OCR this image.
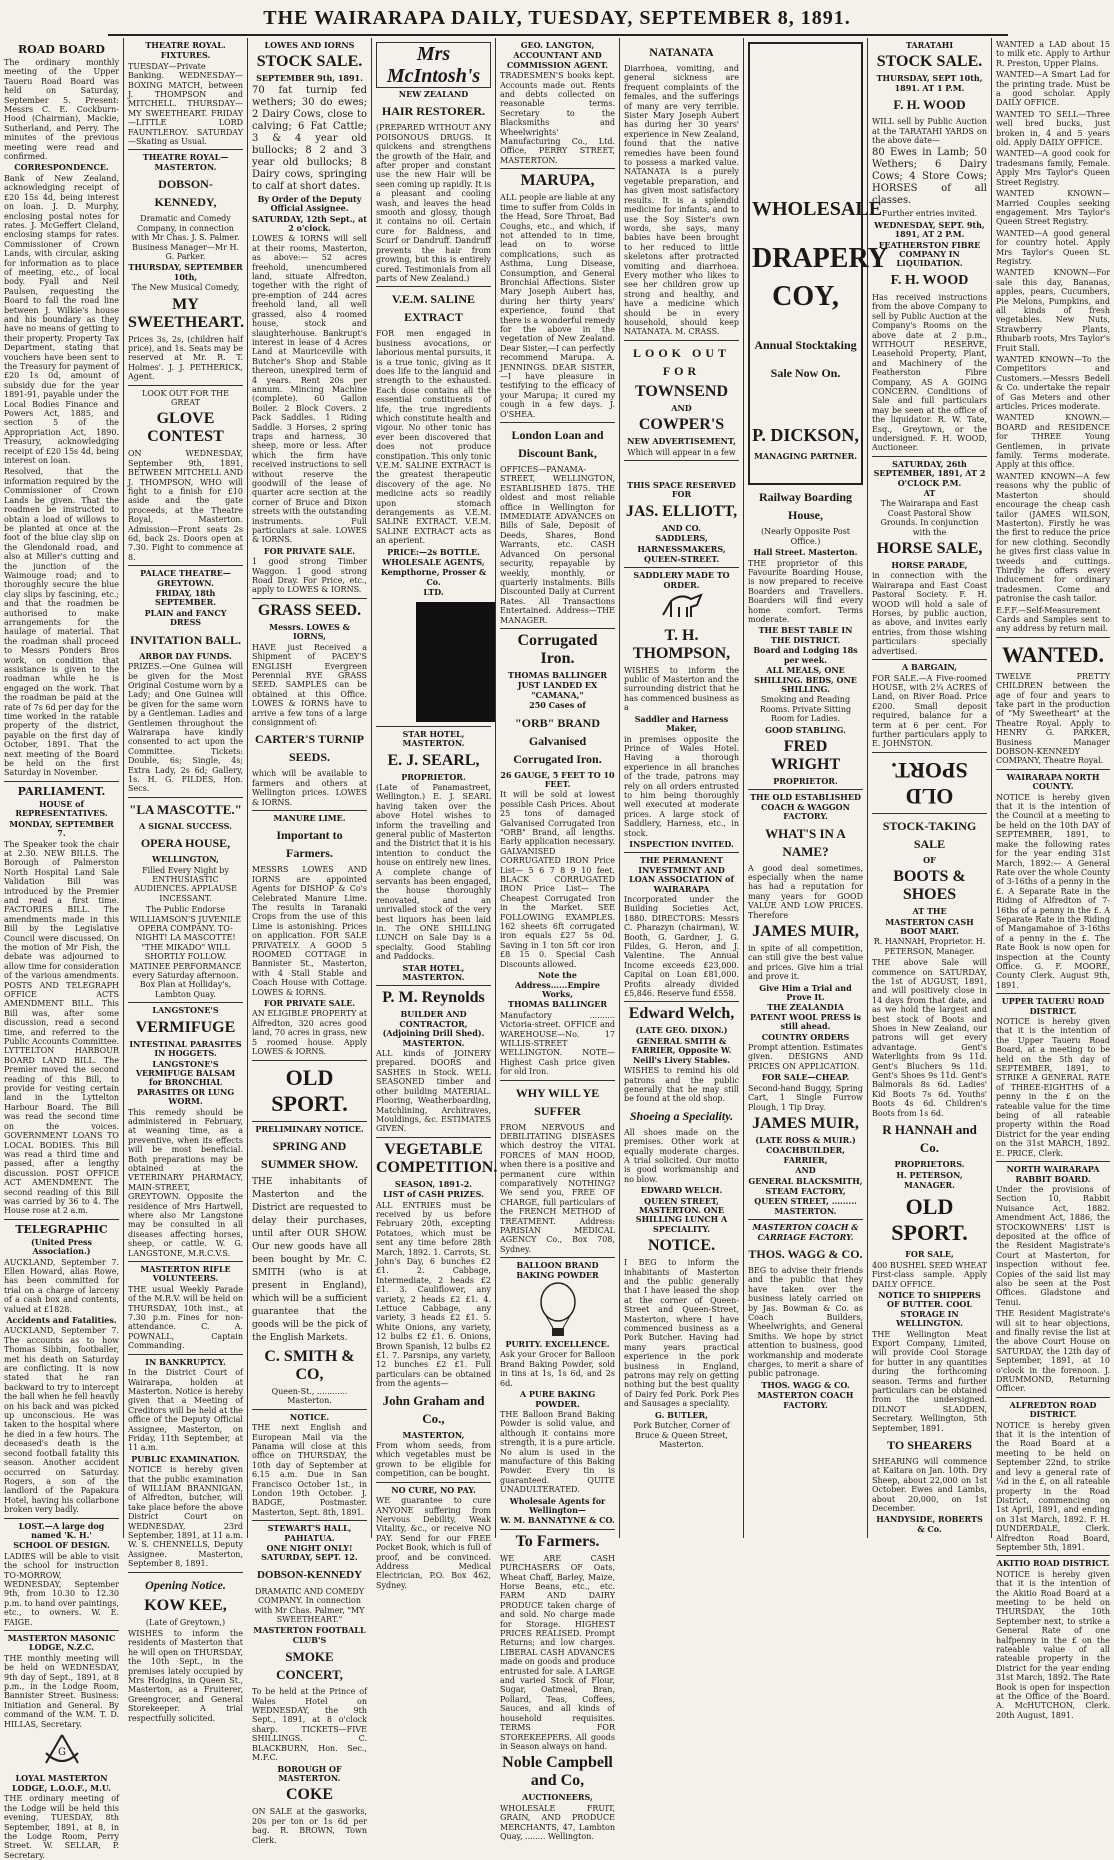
THE WAIRARAPA DAILY, TUESDAY, SEPTEMBER 8, 1891.
ROAD BOARD
The ordinary monthly meeting of the Upper Taueru Road Board was held on Saturday, September 5. Present: Messrs C. E. Cockburn-Hood (Chairman), Mackie, Sutherland, and Perry. The minutes of the previous meeting were read and confirmed.
CORRESPONDENCE.
Bank of New Zealand, acknowledging receipt of £20 15s 4d, being interest on loan. J. D. Murphy, enclosing postal notes for rates. J. McGeffert Cleland, enclosing stamps for rates. Commissioner of Crown Lands, with circular, asking for information as to place of meeting, etc., of local body. Fyall and Neil Paulsen, requesting the Board to fall the road line between J. Wilkie's house and his boundary as they have no means of getting to their property. Property Tax Department, stating that vouchers have been sent to the Treasury for payment of £20 1s 0d, amount of subsidy due for the year 1891-91, payable under the Local Bodies Finance and Powers Act, 1885, and section 5 of the Appropriation Act, 1890. Treasury, acknowledging receipt of £20 15s 4d, being interest on loan.
Resolved, that the information required by the Commissioner of Crown Lands be given. That the roadmen be instructed to obtain a load of willows to be planted at once at the foot of the blue clay slip on the Glendonald road, and also at Miller's cutting and the junction of the Waimouge road; and to thoroughly secure the blue clay slips by fascining, etc.; and that the roadmen be authorised to make arrangements for the haulage of material. That the roadman shall proceed to Messrs Ponders Bros work, on condition that assistance is given to the roadman while he is engaged on the work. That the roadman be paid at the rate of 7s 6d per day for the time worked in the ratable property of the district, payable on the first day of October, 1891. That the next meeting of the Board be held on the first Saturday in November.
PARLIAMENT.
HOUSE of REPRESENTATIVES.
MONDAY, SEPTEMBER 7.
The Speaker took the chair at 2.30. NEW BILLS. The Borough of Palmerston North Hospital Land Sale Validation Bill was introduced by the Premier and read a first time. FACTORIES BILL. The amendments made in this Bill by the Legislative Council were discussed. On the motion of Mr Fish, the debate was adjourned to allow time for consideration of the various amendments. POSTS AND TELEGRAPH OFFICE ACTS AMENDMENT BILL. This Bill was, after some discussion, read a second time, and referred to the Public Accounts Committee. LYTTELTON HARBOUR BOARD LAND BILL. The Premier moved the second reading of this Bill, to provide for vesting certain land in the Lyttelton Harbour Board. The Bill was read the second time on the voices. GOVERNMENT LOANS TO LOCAL BODIES. This Bill was read a third time and passed, after a lengthy discussion. POST OFFICE ACT AMENDMENT. The second reading of this Bill was carried by 36 to 4. The House rose at 2 a.m.
TELEGRAPHIC
(United Press Association.)
AUCKLAND, September 7. Ellen Howard, alias Rowe, has been committed for trial on a charge of larceny of a cash box and contents, valued at £1828.
Accidents and Fatalities.
AUCKLAND, September 7. The accounts as to how Thomas Sibbin, footballer, met his death on Saturday are conflicting. It is now stated that he ran backward to try to intercept the ball when he fell heavily on his back and was picked up unconscious. He was taken to the hospital where he died in a few hours. The deceased's death is the second football fatality this season. Another accident occurred on Saturday. Rogers, a son of the landlord of the Papakura Hotel, having his collarbone broken very badly.
LOST.—A large dog named 'K. H.'
SCHOOL OF DESIGN.
LADIES will be able to visit the school for instruction TO-MORROW, WEDNESDAY, September 9th, from 10.30 to 12.30 p.m. to hand over paintings, etc., to owners. W. E. FAIGE.
MASTERTON MASONIC LODGE, N.Z.C.
THE monthly meeting will be held on WEDNESDAY, 9th day of Sept., 1891, at 8 p.m., in the Lodge Room, Bannister Street. Business: Initiation and General. By command of the W.M. T. D. HILLAS, Secretary.
G
LOYAL MASTERTON LODGE, L.O.O.F., M.U.
THE ordinary meeting of the Lodge will be held this evening, TUESDAY, 8th September, 1891, at 8, in the Lodge Room, Perry Street. W. SELLAR, P. Secretary.
THEATRE ROYAL.
FIXTURES.
TUESDAY—Private Banking. WEDNESDAY—BOXING MATCH, between J. THOMPSON and MITCHELL. THURSDAY—MY SWEETHEART. FRIDAY—LITTLE LORD FAUNTLEROY. SATURDAY—Skating as Usual.
THEATRE ROYAL—MASTERTON.
DOBSON-KENNEDY,
Dramatic and Comedy Company, in connection with Mr Chas. J. S. Palmer. Business Manager—Mr H. G. Parker.
THURSDAY, SEPTEMBER 10th,
The New Musical Comedy,
MY SWEETHEART.
Prices 3s, 2s, (children half price), and 1s. Seats may be reserved at Mr. R. T. Holmes'. J. J. PETHERICK, Agent.
LOOK OUT FOR THE GREAT
GLOVE CONTEST
ON WEDNESDAY, September 9th, 1891, BETWEEN MITCHELL AND J. THOMPSON, WHO will fight to a finish for £10 aside and the gate proceeds, at the Theatre Royal, Masterton. Admission—Front seats 2s 6d, back 2s. Doors open at 7.30. Fight to commence at 8.
PALACE THEATRE—GREYTOWN.
FRIDAY, 18th SEPTEMBER.
PLAIN and FANCY DRESS
INVITATION BALL.
ARBOR DAY FUNDS.
PRIZES.—One Guinea will be given for the Most Original Costume worn by a Lady; and One Guinea will be given for the same worn by a Gentleman. Ladies and Gentlemen throughout the Wairarapa have kindly consented to act upon the Committee. Tickets: Double, 6s; Single, 4s; Extra Lady, 2s 6d; Gallery, 1s. H. G. FILDES, Hon. Secs.
"LA MASCOTTE."
A SIGNAL SUCCESS.
OPERA HOUSE,
WELLINGTON,
Filled Every Night by ENTHUSIASTIC AUDIENCES. APPLAUSE INCESSANT.
The Public Endorse WILLIAMSON'S JUVENILE OPERA COMPANY. TO-NIGHT! LA MASCOTTE! "THE MIKADO" WILL SHORTLY FOLLOW. MATINEE PERFORMANCE every Saturday afternoon. Box Plan at Holliday's, Lambton Quay.
LANGSTONE'S
VERMIFUGE
INTESTINAL PARASITES IN HOGGETS.
LANGSTONE'S VERMIFUGE BALSAM for BRONCHIAL PARASITES OR LUNG WORM.
This remedy should be administered in February, at weaning time, as a preventive, when its effects will be most beneficial. Both preparations may be obtained at the VETERINARY PHARMACY, MAIN-STREET, GREYTOWN. Opposite the residence of Mrs Hartwell, where also Mr Langstone may be consulted in all diseases affecting horses, sheep, or cattle. W. G. LANGSTONE, M.R.C.V.S.
MASTERTON RIFLE VOLUNTEERS.
THE usual Weekly Parade of the M.R.V. will be held on THURSDAY, 10th inst., at 7.30 p.m. Fines for non-attendance. C. A. POWNALL, Captain Commanding.
IN BANKRUPTCY.
In the District Court of Wairarapa, holden at Masterton. Notice is hereby given that a Meeting of Creditors will be held at the office of the Deputy Official Assignee, Masterton, on Friday, 11th September, at 11 a.m.
PUBLIC EXAMINATION.
NOTICE is hereby given that the public examination of WILLIAM BRANNIGAN, of Alfredton, butcher, will take place before the above District Court on WEDNESDAY, 23rd September, 1891, at 11 a.m. W. S. CHENNELLS, Deputy Assignee. Masterton, September 8, 1891.
Opening Notice.
KOW KEE,
(Late of Greytown,)
WISHES to inform the residents of Masterton that he will open on THURSDAY, the 10th Sept., in the premises lately occupied by Mrs Hodgins, in Queen St., Masterton, as a Fruiterer, Greengrocer, and General Storekeeper. A trial respectfully solicited.
LOWES AND IORNS
STOCK SALE.
SEPTEMBER 9th, 1891.
70 fat turnip fed wethers; 30 do ewes; 2 Dairy Cows, close to calving; 6 Fat Cattle; 3 & 4 year old bullocks; 8 2 and 3 year old bullocks; 8 Dairy cows, springing to calf at short dates.
By Order of the Deputy Official Assignee.
SATURDAY, 12th Sept., at 2 o'clock.
LOWES & IORNS will sell at their rooms, Masterton, as above:— 52 acres freehold, unencumbered land, situate Alfredton, together with the right of pre-emption of 244 acres freehold land, all well grassed, also 4 roomed house, stock and slaughterhouse. Bankrupt's interest in lease of 4 Acres Land at Mauriceville with Butcher's Shop and Stable thereon, unexpired term of 4 years. Rent 20s per annum. Mincing Machine (complete). 60 Gallon Boiler. 2 Block Covers. 2 Pack Saddles. 1 Riding Saddle. 3 Horses, 2 spring traps and harness, 30 sheep, more or less. After which the firm have received instructions to sell without reserve the goodwill of the lease of quarter acre section at the corner of Bruce and Dixon streets with the outstanding instruments. Full particulars at sale. LOWES & IORNS.
FOR PRIVATE SALE.
1 good strong Timber Waggon. 1 good strong Road Dray. For Price, etc., apply to LOWES & IORNS.
GRASS SEED.
Messrs. LOWES & IORNS,
HAVE just Received a Shipment of PACEY'S ENGLISH Evergreen Perennial RYE GRASS SEED. SAMPLES can be obtained at this Office. LOWES & IORNS have to arrive a few tons of a large consignment of:
CARTER'S TURNIP SEEDS.
which will be available to farmers and others at Wellington prices. LOWES & IORNS.
MANURE LIME.
Important to Farmers.
MESSRS LOWES AND IORNS are appointed Agents for DISHOP & Co's Celebrated Manure Lime. The results in Taranaki Crops from the use of this Lime is astonishing. Prices on application. FOR SALE PRIVATELY. A GOOD 5 ROOMED COTTAGE in Bannister St., Masterton, with 4 Stall Stable and Coach House with Cottage. LOWES & IORNS.
FOR PRIVATE SALE.
AN ELIGIBLE PROPERTY at Alfredton, 320 acres good land, 70 acres in grass, new 5 roomed house. Apply LOWES & IORNS.
OLD SPORT.
PRELIMINARY NOTICE.
SPRING AND SUMMER SHOW.
THE inhabitants of Masterton and the District are requested to delay their purchases, until after OUR SHOW. Our new goods have all been bought by Mr. C. SMITH (who is at present in England), which will be a sufficient guarantee that the goods will be the pick of the English Markets.
C. SMITH & CO,
Queen-St., ............ Masterton.
NOTICE.
THE next English and European Mail via the Panama will close at this office on THURSDAY, the 10th day of September at 6.15 a.m. Due in San Francisco October 1st., in London 19th October. J. BADGE, Postmaster. Masterton, Sept. 8th, 1891.
STEWART'S HALL, PAHIATUA.
ONE NIGHT ONLY! SATURDAY, SEPT. 12.
DOBSON-KENNEDY
DRAMATIC AND COMEDY COMPANY. In connection with Mr Chas. Palmer, "MY SWEETHEART."
MASTERTON FOOTBALL CLUB'S
SMOKE CONCERT,
To be held at the Prince of Wales Hotel on WEDNESDAY, the 9th Sept., 1891, at 8 o'clock sharp. TICKETS—FIVE SHILLINGS. C. BLACKBURN, Hon. Sec., M.F.C.
BOROUGH OF MASTERTON.
COKE
ON SALE at the gasworks, 20s per ton or 1s 6d per bag. R. BROWN, Town Clerk.
Mrs McIntosh's
NEW ZEALAND
HAIR RESTORER.
(PREPARED WITHOUT ANY POISONOUS DRUGS. It quickens and strengthens the growth of the Hair, and after proper and constant use the new Hair will be seen coming up rapidly. It is a pleasant and cooling wash, and leaves the head smooth and glossy, though it contains no oil. Certain cure for Baldness, and Scurf or Dandruff. Dandruff prevents the hair from growing, but this is entirely cured. Testimonials from all parts of New Zealand.)
V.E.M. SALINE EXTRACT
FOR men engaged in business avocations, or laborious mental pursuits, it is a true tonic, giving as it does life to the languid and strength to the exhausted. Each dose contains all the essential constituents of life, the true ingredients which constitute health and vigour. No other tonic has ever been discovered that does not produce constipation. This only tonic V.E.M. SALINE EXTRACT is the greatest therapeutic discovery of the age. No medicine acts so readily upon stomach derangements as V.E.M. SALINE EXTRACT. V.E.M. SALINE EXTRACT acts as an aperient.
PRICE:—2s BOTTLE.
WHOLESALE AGENTS,
Kempthorne, Prosser & Co.
LTD.
STAR HOTEL, MASTERTON.
E. J. SEARL,
PROPRIETOR.
(Late of Panamastreet, Wellington.) E. J. SEARL having taken over the above Hotel wishes to inform the travelling and general public of Masterton and the District that it is his intention to conduct the house on entirely new lines. A complete change of servants has been engaged, the house thoroughly renovated, and an unrivalled stock of the very best liquors has been laid in. The ONE SHILLING LUNCH on Sale Day is a specialty. Good Stabling and Paddocks.
STAR HOTEL, MASTERTON.
P. M. Reynolds
BUILDER AND CONTRACTOR, (Adjoining Drill Shed). MASTERTON.
ALL kinds of JOINERY prepared. DOORS and SASHES in Stock. WELL SEASONED timber and other building MATERIAL. Flooring, Weatherboarding, Matchlining, Architraves, Mouldings, &c. ESTIMATES GIVEN.
VEGETABLE COMPETITION.
SEASON, 1891-2.
LIST of CASH PRIZES.
ALL ENTRIES must be received by us before February 20th, excepting Potatoes, which must be sent any time before 28th March, 1892. 1. Carrots, St. John's Day, 6 bunches £2 £1. 2. Cabbage, Intermediate, 2 heads £2 £1. 3. Cauliflower, any variety, 2 heads £2 £1. 4. Lettuce Cabbage, any variety, 3 heads £2 £1. 5. White Onions, any variety, 12 bulbs £2 £1. 6. Onions, Brown Spanish, 12 bulbs £2 £1. 7. Parsnips, any variety, 12 bunches £2 £1. Full particulars can be obtained from the agents—
John Graham and Co.,
MASTERTON,
From whom seeds, from which vegetables must be grown to be eligible for competition, can be bought.
NO CURE, NO PAY.
WE guarantee to cure ANYONE suffering from Nervous Debility, Weak Vitality, &c., or receive NO PAY. Send for our FREE Pocket Book, which is full of proof, and be convinced. Address Medical Electrician, P.O. Box 462, Sydney.
GEO. LANGTON,
ACCOUNTANT AND COMMISSION AGENT.
TRADESMEN'S books kept. Accounts made out. Rents and debts collected on reasonable terms. Secretary to the Blacksmiths and Wheelwrights' Manufacturing Co., Ltd. Office, PERRY STREET, MASTERTON.
MARUPA,
ALL people are liable at any time to suffer from Colds in the Head, Sore Throat, Bad Coughs, etc., and which, if not attended to in time, lead on to worse complications, such as Asthma, Lung Disease, Consumption, and General Bronchial Affections. Sister Mary Joseph Aubert has, during her thirty years' experience, found that there is a wonderful remedy for the above in the vegetation of New Zealand. Dear Sister,—I can perfectly recommend Marupa. A. JENNINGS. DEAR SISTER,—I have pleasure in testifying to the efficacy of your Marupa; it cured my cough in a few days. J. O'SHEA.
London Loan and Discount Bank,
OFFICES—PANAMA-STREET, WELLINGTON, ESTABLISHED 1875. THE oldest and most reliable office in Wellington for IMMEDIATE ADVANCES on Bills of Sale, Deposit of Deeds, Shares, Bond Warrants, etc. CASH Advanced On personal security, repayable by weekly, monthly, or quarterly instalments. Bills Discounted Daily at Current Rates. All Transactions Entertained. Address—THE MANAGER.
Corrugated Iron.
THOMAS BALLINGER
JUST LANDED EX "CAMANA,"
250 Cases of
"ORB" BRAND Galvanised Corrugated Iron.
26 GAUGE, 5 FEET TO 10 FEET.
It will be sold at lowest possible Cash Prices. About 25 tons of damaged Galvanised Corrugated Iron "ORB" Brand, all lengths. Early application necessary. GALVANISED CORRUGATED IRON Price List— 5 6 7 8 9 10 feet. BLACK CORRUGATED IRON Price List— The Cheapest Corrugated Iron in the Market. SEE FOLLOWING EXAMPLES. 162 sheets 6ft corrugated iron equals £27 5s 0d. Saving in 1 ton 5ft cor iron £8 15 0. Special Cash Discounts allowed.
Note the Address......Empire Works,
THOMAS BALLINGER
Manufactory .......... Victoria-street. OFFICE and WAREHOUSE—No. 17 WILLIS-STREET WELLINGTON. NOTE—Highest Cash price given for old Iron.
WHY WILL YE SUFFER
FROM NERVOUS and DEBILITATING DISEASES which destroy the VITAL FORCES of MAN HOOD, when there is a positive and permanent cure within comparatively NOTHING? We send you, FREE OF CHARGE, full particulars of the FRENCH METHOD of TREATMENT. Address: PARISIAN MEDICAL AGENCY Co., Box 708, Sydney.
BALLOON BRAND BAKING POWDER
PURITY. EXCELLENCE.
Ask your Grocer for Balloon Brand Baking Powder, sold in tins at 1s, 1s 6d, and 2s 6d.
A PURE BAKING POWDER.
THE Balloon Brand Baking Powder is solid value, and although it contains more strength, it is a pure article. No alum is used in the manufacture of this Baking Powder. Every tin is guaranteed. QUITE UNADULTERATED.
Wholesale Agents for Wellington—
W. M. BANNATYNE & CO.
To Farmers.
WE ARE CASH PURCHASERS OF Oats, Wheat Chaff, Barley, Maize, Horse Beans, etc., etc. FARM AND DAIRY PRODUCE taken charge of and sold. No charge made for Storage. HIGHEST PRICES REALISED. Prompt Returns; and low charges. LIBERAL CASH ADVANCES made on goods and produce entrusted for sale. A LARGE and varied Stock of Flour, Sugar, Oatmeal, Bran, Pollard, Teas, Coffees, Sauces, and all kinds of household requisites. TERMS FOR STOREKEEPERS. All goods in Season always on hand.
Noble Campbell and Co,
AUCTIONEERS,
WHOLESALE FRUIT, GRAIN, AND PRODUCE MERCHANTS, 47, Lambton Quay, ........ Wellington.
NATANATA
Diarrhoea, vomiting, and general sickness are frequent complaints of the females, and the sufferings of many are very terrible. Sister Mary Joseph Aubert has during her 30 years' experience in New Zealand, found that the native remedies have been found to possess a marked value. NATANATA is a purely vegetable preparation, and has given most satisfactory results. It is a splendid medicine for infants, and to use the Soy Sister's own words, she says, many babies have been brought to her reduced to little skeletons after protracted vomiting and diarrhoea. Every mother who likes to see her children grow up strong and healthy, and have a medicine which should be in every household, should keep NATANATA. M. CRASS.
LOOK OUT FOR
TOWNSEND
AND
COWPER'S
NEW ADVERTISEMENT,
Which will appear in a few
THIS SPACE RESERVED FOR
JAS. ELLIOTT,
AND CO.
SADDLERS,
HARNESSMAKERS,
QUEEN-STREET.
SADDLERY MADE TO ORDER.
T. H. THOMPSON,
WISHES to inform the public of Masterton and the surrounding district that he has commenced business as a
Saddler and Harness Maker,
in premises opposite the Prince of Wales Hotel. Having a thorough experience in all branches of the trade, patrons may rely on all orders entrusted to him being thoroughly well executed at moderate prices. A large stock of Saddlery, Harness, etc., in stock.
INSPECTION INVITED.
THE PERMANENT INVESTMENT AND LOAN ASSOCIATION of WAIRARAPA
Incorporated under the Building Societies Act, 1880. DIRECTORS: Messrs C. Pharazyn (chairman), W. Booth, G. Gardner, J. G. Fildes, G. Heron, and J. Valentine. The Annual Income exceeds £23,000. Capital on Loan £81,000. Profits already divided £5,846. Reserve fund £558.
Edward Welch,
(LATE GEO. DIXON.)
GENERAL SMITH & FARRIER, Opposite W. Neill's Livery Stables.
WISHES to remind his old patrons and the public generally that he may still be found at the old shop.
Shoeing a Speciality.
All shoes made on the premises. Other work at equally moderate charges. A trial solicited. Our motto is good workmanship and no blow.
EDWARD WELCH.
QUEEN STREET, MASTERTON. ONE SHILLING LUNCH A SPECIALITY.
NOTICE.
I BEG to inform the inhabitants of Masterton and the public generally that I have leased the shop at the corner of Queen-Street and Queen-Street, Masterton, where I have commenced business as a Pork Butcher. Having had many years practical experience in the pork business in England, patrons may rely on getting nothing but the best quality of Dairy fed Pork. Pork Pies and Sausages a speciality.
G. BUTLER,
Pork Butcher, Corner of Bruce & Queen Street, Masterton.
WHOLESALE
DRAPERY
COY,
Annual Stocktaking
Sale Now On.
P. DICKSON,
MANAGING PARTNER.
Railway Boarding House,
(Nearly Opposite Post Office.)
Hall Street. Masterton.
THE proprietor of this Favourite Boarding House, is now prepared to receive Boarders and Travellers. Boarders will find every home comfort. Terms moderate.
THE BEST TABLE IN THE DISTRICT.
Board and Lodging 18s per week.
ALL MEALS, ONE SHILLING. BEDS, ONE SHILLING.
Smoking and Reading Rooms. Private Sitting Room for Ladies.
GOOD STABLING.
FRED WRIGHT
PROPRIETOR.
THE OLD ESTABLISHED COACH & WAGGON FACTORY.
WHAT'S IN A NAME?
A good deal sometimes, especially when the name has had a reputation for many years for GOOD VALUE AND LOW PRICES. Therefore
JAMES MUIR,
in spite of all competition, can still give the best value and prices. Give him a trial and prove it.
Give Him a Trial and Prove It.
THE ZEALANDIA PATENT WOOL PRESS is still ahead.
COUNTRY ORDERS
Prompt attention. Estimates given. DESIGNS AND PRICES ON APPLICATION.
FOR SALE—CHEAP.
Second-hand Buggy, Spring Cart, 1 Single Furrow Plough, 1 Tip Dray.
JAMES MUIR,
(LATE ROSS & MUIR.)
COACHBUILDER, FARRIER,
AND
GENERAL BLACKSMITH,
STEAM FACTORY,
QUEEN STREET, ......... MASTERTON.
MASTERTON COACH & CARRIAGE FACTORY.
THOS. WAGG & CO.
BEG to advise their friends and the public that they have taken over the business lately carried on by Jas. Bowman & Co. as Coach Builders, Wheelwrights, and General Smiths. We hope by strict attention to business, good workmanship and moderate charges, to merit a share of public patronage.
THOS. WAGG & CO.
MASTERTON COACH FACTORY.
TARATAHI
STOCK SALE.
THURSDAY, SEPT 10th, 1891. AT 1 P.M.
F. H. WOOD
WILL sell by Public Auction at the TARATAHI YARDS on the above date—
80 Ewes in Lamb; 50 Wethers; 6 Dairy Cows; 4 Store Cows; HORSES of all classes.
Further entries invited.
WEDNESDAY, SEPT. 9th, 1891, AT 2 P.M.
FEATHERSTON FIBRE COMPANY IN LIQUIDATION.
F. H. WOOD
Has received instructions from the above Company to sell by Public Auction at the Company's Rooms on the above date at 2 p.m., WITHOUT RESERVE, Leasehold Property, Plant, and Machinery of the Featherston Fibre Company, AS A GOING CONCERN. Conditions of Sale and full particulars may be seen at the office of the liquidator. R. W. Tate, Esq., Greytown, or the undersigned. F. H. WOOD, Auctioneer.
SATURDAY, 26th SEPTEMBER, 1891, AT 2 O'CLOCK P.M.
AT
The Wairarapa and East Coast Pastoral Show Grounds. In conjunction with the
HORSE SALE,
HORSE PARADE,
in connection with the Wairarapa and East Coast Pastoral Society. F. H. WOOD will hold a sale of Horses, by public auction, as above, and invites early entries, from those wishing particulars specially advertised.
A BARGAIN,
FOR SALE.—A Five-roomed HOUSE, with 2¼ ACRES of Land, on River Road. Price £200. Small deposit required, balance for a term at 6 per cent. For further particulars apply to E. JOHNSTON.
OLD SPORT.
STOCK-TAKING SALE
OF
BOOTS & SHOES
AT THE
MASTERTON CASH BOOT MART.
R. HANNAH, Proprietor. H. PETERSON, Manager.
THE above Sale will commence on SATURDAY, the 1st of AUGUST, 1891, and will positively close in 14 days from that date, and as we hold the largest and best stock of Boots and Shoes in New Zealand, our patrons will get every advantage. Gent's Waterlights from 9s 11d. Gent's Bluchers 9s 11d. Gent's Shoes 9s 11d. Gent's Balmorals 8s 6d. Ladies' Kid Boots 7s 6d. Youths' Boots 4s 6d. Children's Boots from 1s 6d.
R HANNAH and Co.
PROPRIETORS.
H. PETERSON,
MANAGER.
OLD SPORT.
FOR SALE,
400 BUSHEL SEED WHEAT First-class sample. Apply DAILY OFFICE.
NOTICE TO SHIPPERS OF BUTTER. COOL STORAGE IN WELLINGTON.
THE Wellington Meat Export Company, Limited, will provide Cool Storage for butter in any quantities during the forthcoming season. Terms and further particulars can be obtained from the undersigned. DILNOT SLADDEN, Secretary. Wellington, 5th September, 1891.
TO SHEARERS
SHEARING will commence at Kaitara on Jan. 10th. Dry Sheep, about 22,000 on 1st October. Ewes and Lambs, about 20,000, on 1st December.
HANDYSIDE, ROBERTS & Co.
WANTED a LAD about 15 to milk etc. Apply to Arthur R. Preston, Upper Plains.
WANTED—A Smart Lad for the printing trade. Must be a good scholar. Apply DAILY OFFICE.
WANTED TO SELL—Three well bred bucks, just broken in, 4 and 5 years old. Apply DAILY OFFICE.
WANTED—A good cook for tradesmans family, Female. Apply Mrs Taylor's Queen Street Registry.
WANTED KNOWN—Married Couples seeking engagement. Mrs Taylor's Queen Street Registry.
WANTED—A good general for country hotel. Apply Mrs Taylor's Queen St. Registry.
WANTED KNOWN—For sale this day, Bananas, apples, pears, Cucumbers, Pie Melons, Pumpkins, and all kinds of fresh vegetables. New Nuts, Strawberry Plants, Rhubarb roots, Mrs Taylor's Fruit Stall.
WANTED KNOWN—To the Competitors and Customers.—Messrs Bedell & Co. undertake the repair of Gas Meters and other articles. Prices moderate.
WANTED KNOWN.—BOARD and RESIDENCE for THREE Young Gentlemen, in private family. Terms moderate. Apply at this office.
WANTED KNOWN—A few reasons why the public of Masterton should encourage the cheap cash tailor (JAMES WILSON, Masterton). Firstly he was the first to reduce the price for new clothing. Secondly he gives first class value in tweeds and cuttings. Thirdly he offers every inducement for ordinary tradesmen. Come and patronise the cash tailor.
E.F.F.—Self-Measurement Cards and Samples sent to any address by return mail.
WANTED.
TWELVE PRETTY CHILDREN between the age of four and years to take part in the production of "My Sweetheart" at the Theatre Royal. Apply to HENRY G. PARKER, Business Manager DOBSON-KENNEDY COMPANY, Theatre Royal.
WAIRARAPA NORTH COUNTY.
NOTICE is hereby given that it is the intention of the Council at a meeting to be held on the 10th DAY of SEPTEMBER, 1891, to make the following rates for the year ending 31st March, 1892:— A General Rate over the whole County of 3-16ths of a penny in the £. A Separate Rate in the Riding of Alfredton of 7-16ths of a penny in the £. A Separate Rate in the Riding of Mangamahoe of 3-16ths of a penny in the £. The Rate Book is now open for inspection at the County Office. G. F. MOORE, County Clerk. August 9th, 1891.
UPPER TAUERU ROAD DISTRICT.
NOTICE is hereby given that it is the intention of the Upper Taueru Road Board, at a meeting to be held on the 5th day of SEPTEMBER, 1891, to STRIKE A GENERAL RATE of THREE-EIGHTHS of a penny in the £ on the rateable value for the time being of all rateable property within the Road District for the year ending on the 31st MARCH, 1892. E. PRICE, Clerk.
NORTH WAIRARAPA RABBIT BOARD.
Under the provisions of Section 10, Rabbit Nuisance Act, 1882. Amendment Act, 1886, the STOCKOWNERS' LIST is deposited at the office of the Resident Magistrate's Court at Masterton, for inspection without fee. Copies of the said list may also be seen at the Post Offices. Gladstone and Tenui.
THE Resident Magistrate's will sit to hear objections, and finally revise the list at the above Court House on SATURDAY, the 12th day of September, 1891, at 10 o'clock in the forenoon. J. DRUMMOND, Returning Officer.
ALFREDTON ROAD DISTRICT.
NOTICE is hereby given that it is the intention of the Road Board at a meeting to be held on September 22nd, to strike and levy a general rate of ¼d in the £, on all rateable property in the Road District, commencing on 1st April, 1891, and ending on 31st March, 1892. F. H. DUNDERDALE, Clerk. Alfredton Road Board, September 5th, 1891.
AKITIO ROAD DISTRICT.
NOTICE is hereby given that it is the intention of the Akitio Road Board at a meeting to be held on THURSDAY, the 10th September next, to strike a General Rate of one halfpenny in the £ on the rateable value of all rateable property in the District for the year ending 31st March, 1892. The Rate Book is open for inspection at the Office of the Board. A. McHUTCHON, Clerk. 20th August, 1891.
